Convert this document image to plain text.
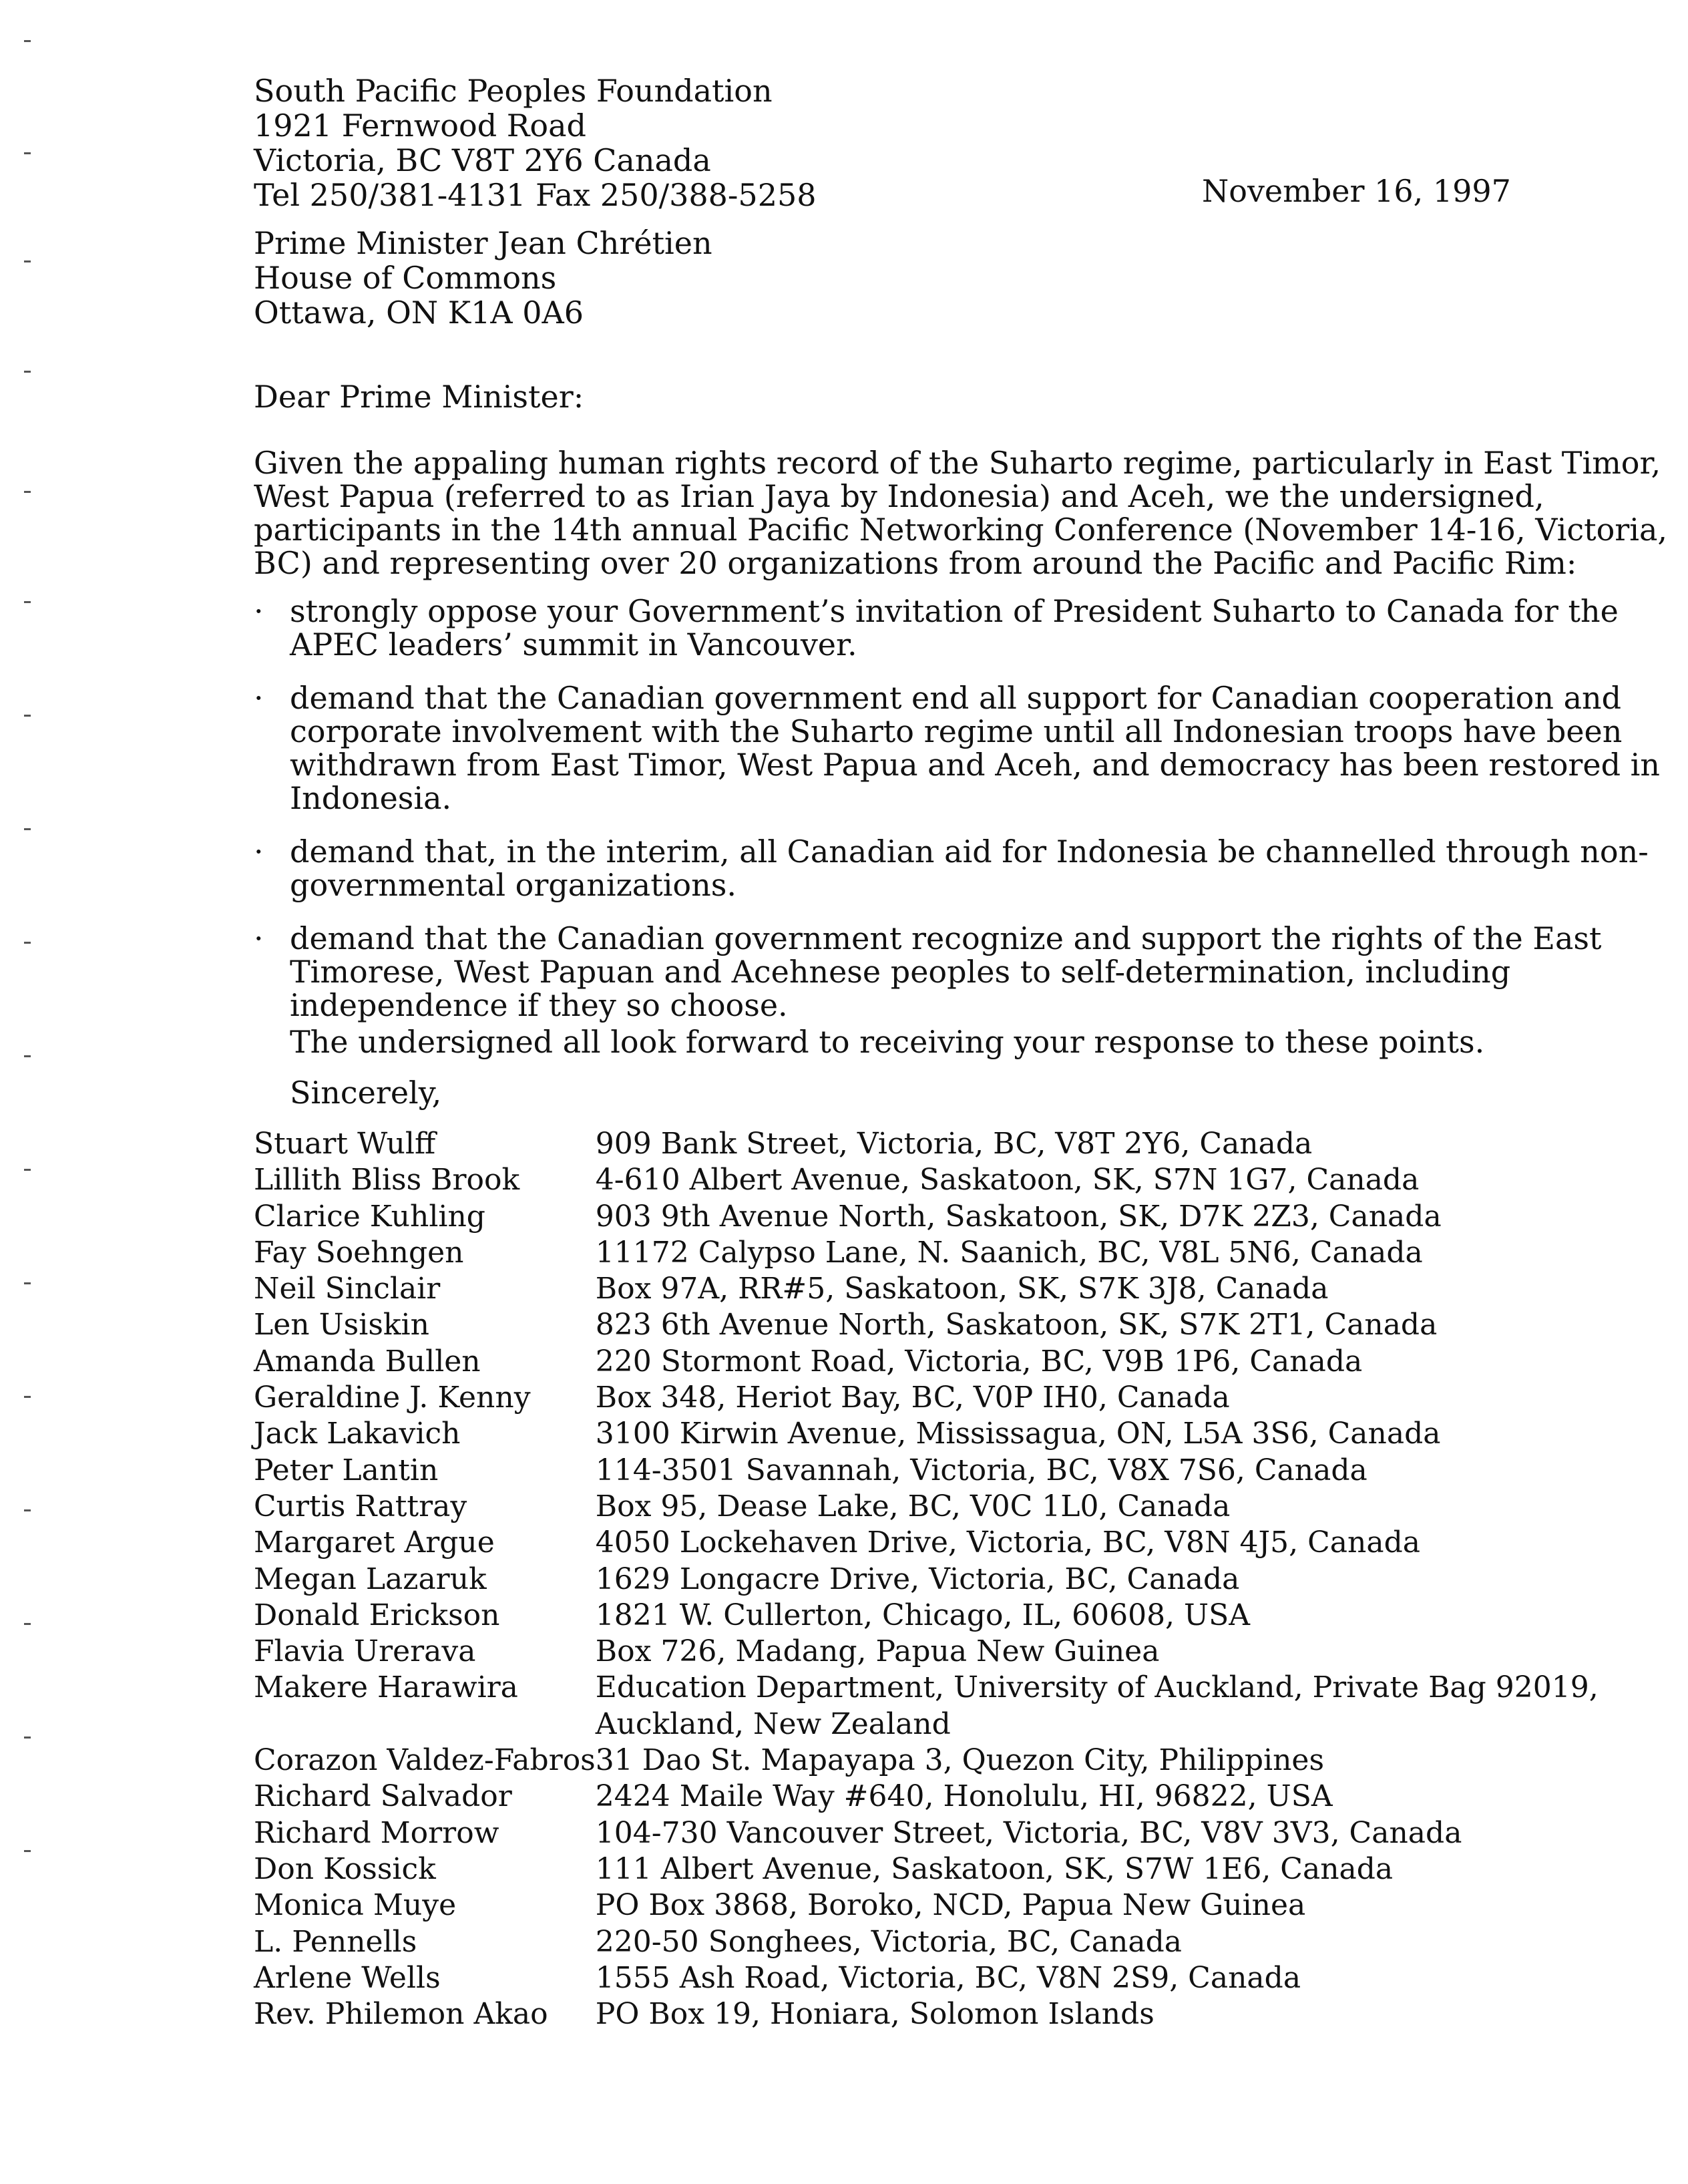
South Pacific Peoples Foundation
1921 Fernwood Road
Victoria, BC V8T 2Y6 Canada
Tel 250/381-4131 Fax 250/388-5258	November 16, 1997
Prime Minister Jean Chrétien
House of Commons
Ottawa, ON K1A 0A6
Dear Prime Minister:
Given the appaling human rights record of the Suharto regime, particularly in East Timor,
West Papua (referred to as Irian Jaya by Indonesia) and Aceh, we the undersigned,
participants in the 14th annual Pacific Networking Conference (November 14-16, Victoria,
BC) and representing over 20 organizations from around the Pacific and Pacific Rim:
· strongly oppose your Government’s invitation of President Suharto to Canada for the
APEC leaders’ summit in Vancouver.
· demand that the Canadian government end all support for Canadian cooperation and
corporate involvement with the Suharto regime until all Indonesian troops have been
withdrawn from East Timor, West Papua and Aceh, and democracy has been restored in
Indonesia.
· demand that, in the interim, all Canadian aid for Indonesia be channelled through non-
governmental organizations.
· demand that the Canadian government recognize and support the rights of the East
Timorese, West Papuan and Acehnese peoples to self-determination, including
independence if they so choose.
The undersigned all look forward to receiving your response to these points.
Sincerely,
Stuart Wulff	909 Bank Street, Victoria, BC, V8T 2Y6, Canada
Lillith Bliss Brook	4-610 Albert Avenue, Saskatoon, SK, S7N 1G7, Canada
Clarice Kuhling	903 9th Avenue North, Saskatoon, SK, D7K 2Z3, Canada
Fay Soehngen	11172 Calypso Lane, N. Saanich, BC, V8L 5N6, Canada
Neil Sinclair	Box 97A, RR#5, Saskatoon, SK, S7K 3J8, Canada
Len Usiskin	823 6th Avenue North, Saskatoon, SK, S7K 2T1, Canada
Amanda Bullen	220 Stormont Road, Victoria, BC, V9B 1P6, Canada
Geraldine J. Kenny	Box 348, Heriot Bay, BC, V0P IH0, Canada
Jack Lakavich	3100 Kirwin Avenue, Mississagua, ON, L5A 3S6, Canada
Peter Lantin	114-3501 Savannah, Victoria, BC, V8X 7S6, Canada
Curtis Rattray	Box 95, Dease Lake, BC, V0C 1L0, Canada
Margaret Argue	4050 Lockehaven Drive, Victoria, BC, V8N 4J5, Canada
Megan Lazaruk	1629 Longacre Drive, Victoria, BC, Canada
Donald Erickson	1821 W. Cullerton, Chicago, IL, 60608, USA
Flavia Urerava	Box 726, Madang, Papua New Guinea
Makere Harawira	Education Department, University of Auckland, Private Bag 92019,
	Auckland, New Zealand
Corazon Valdez-Fabros	31 Dao St. Mapayapa 3, Quezon City, Philippines
Richard Salvador	2424 Maile Way #640, Honolulu, HI, 96822, USA
Richard Morrow	104-730 Vancouver Street, Victoria, BC, V8V 3V3, Canada
Don Kossick	111 Albert Avenue, Saskatoon, SK, S7W 1E6, Canada
Monica Muye	PO Box 3868, Boroko, NCD, Papua New Guinea
L. Pennells	220-50 Songhees, Victoria, BC, Canada
Arlene Wells	1555 Ash Road, Victoria, BC, V8N 2S9, Canada
Rev. Philemon Akao	PO Box 19, Honiara, Solomon Islands
